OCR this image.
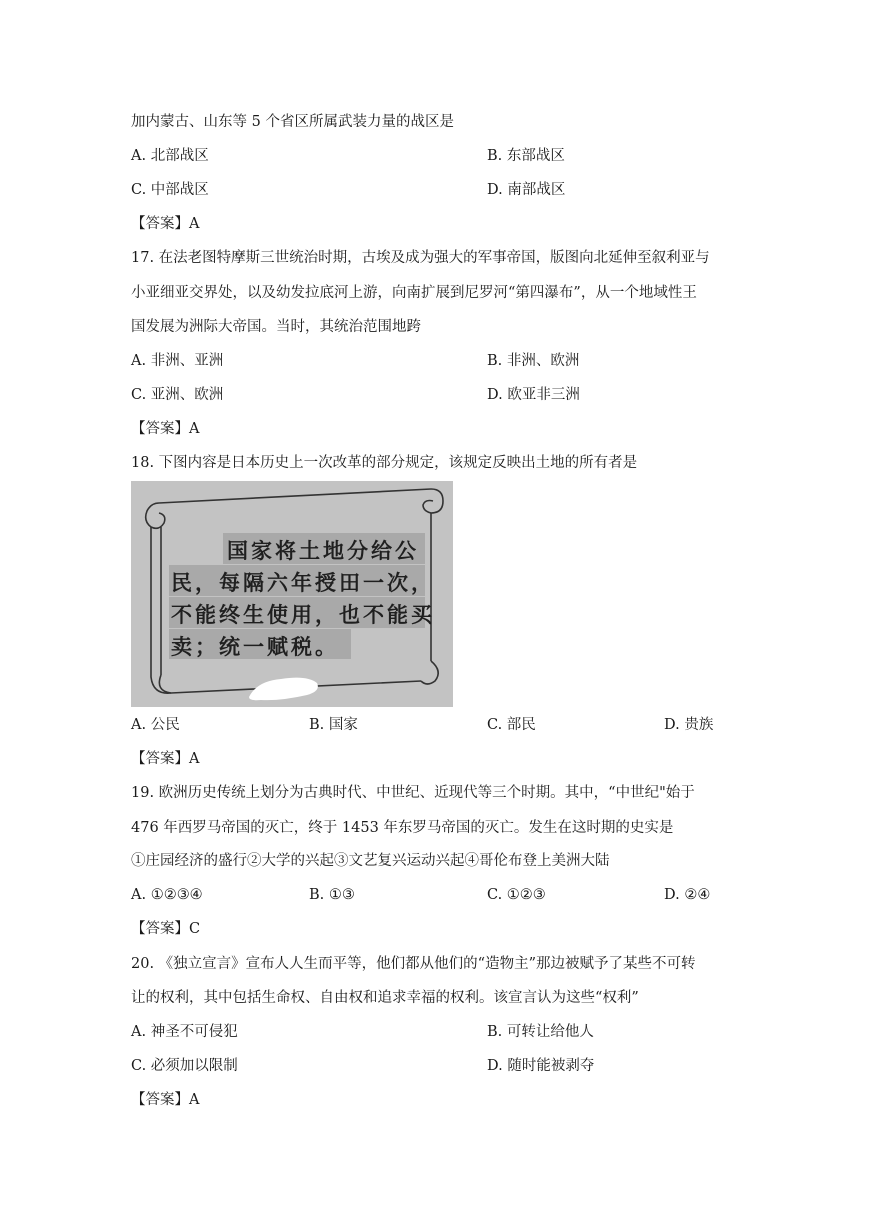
加内蒙古、山东等 5 个省区所属武装力量的战区是
A. 北部战区	B. 东部战区
C. 中部战区	D. 南部战区
【答案】A
17. 在法老图特摩斯三世统治时期，古埃及成为强大的军事帝国，版图向北延伸至叙利亚与
小亚细亚交界处，以及幼发拉底河上游，向南扩展到尼罗河“第四瀑布”，从一个地域性王
国发展为洲际大帝国。当时，其统治范围地跨
A. 非洲、亚洲	B. 非洲、欧洲
C. 亚洲、欧洲	D. 欧亚非三洲
【答案】A
18. 下图内容是日本历史上一次改革的部分规定，该规定反映出土地的所有者是
国家将土地分给公
民，每隔六年授田一次，
不能终生使用，也不能买
卖；统一赋税。
A. 公民	B. 国家	C. 部民	D. 贵族
【答案】A
19. 欧洲历史传统上划分为古典时代、中世纪、近现代等三个时期。其中，“中世纪"始于
476 年西罗马帝国的灭亡，终于 1453 年东罗马帝国的灭亡。发生在这时期的史实是
①庄园经济的盛行②大学的兴起③文艺复兴运动兴起④哥伦布登上美洲大陆
A. ①②③④	B. ①③	C. ①②③	D. ②④
【答案】C
20. 《独立宣言》宣布人人生而平等，他们都从他们的“造物主”那边被赋予了某些不可转
让的权利，其中包括生命权、自由权和追求幸福的权利。该宣言认为这些“权利”
A. 神圣不可侵犯	B. 可转让给他人
C. 必须加以限制	D. 随时能被剥夺
【答案】A
